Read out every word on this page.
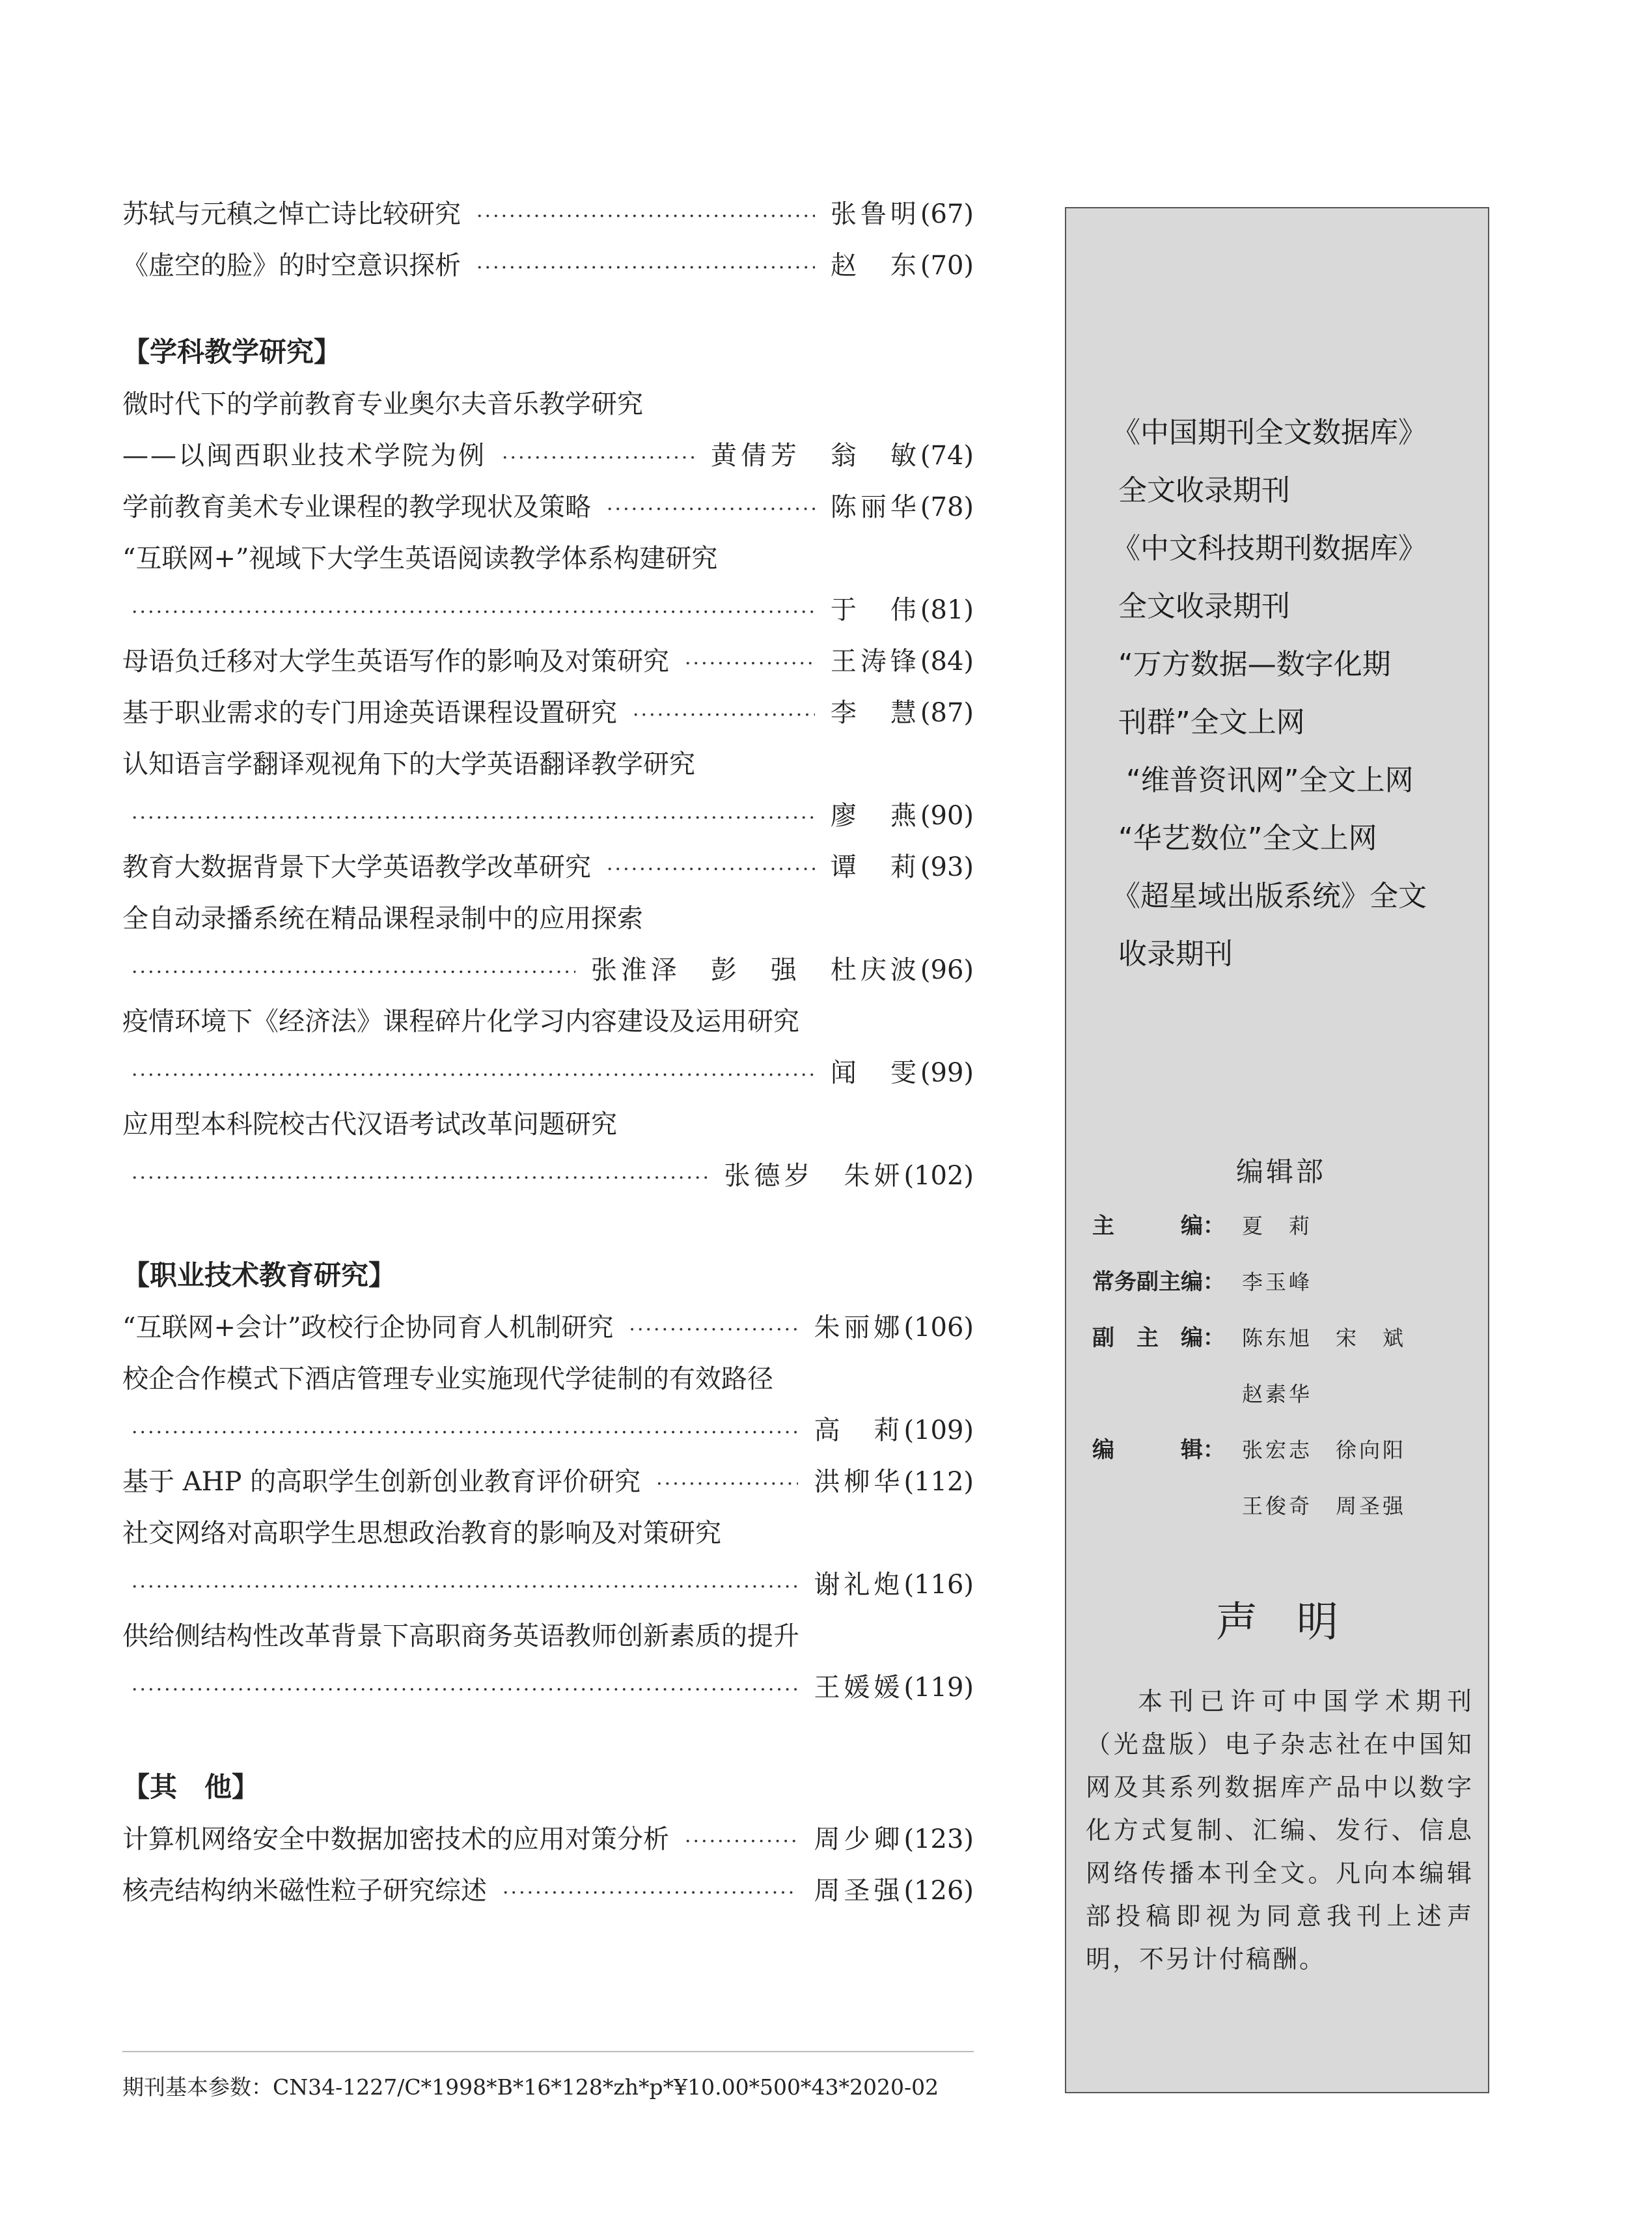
苏轼与元稹之悼亡诗比较研究 ·····	张鲁明 (67)
《虚空的脸》的时空意识探析 ·····	赵　东 (70)
【学科教学研究】
微时代下的学前教育专业奥尔夫音乐教学研究
——以闽西职业技术学院为例 ·····	黄倩芳　翁　敏 (74)
学前教育美术专业课程的教学现状及策略 ·····	陈丽华 (78)
“互联网+”视域下大学生英语阅读教学体系构建研究
·····
于　伟 (81)
母语负迁移对大学生英语写作的影响及对策研究 ·····	王涛锋 (84)
基于职业需求的专门用途英语课程设置研究 ·····	李　慧 (87)
认知语言学翻译观视角下的大学英语翻译教学研究
·····
廖　燕 (90)
教育大数据背景下大学英语教学改革研究 ·····	谭　莉 (93)
全自动录播系统在精品课程录制中的应用探索
·····
张淮泽　彭　强　杜庆波 (96)
疫情环境下《经济法》课程碎片化学习内容建设及运用研究
·····
闻　雯 (99)
应用型本科院校古代汉语考试改革问题研究
·····
张德岁　朱妍 (102)
【职业技术教育研究】
“互联网+会计”政校行企协同育人机制研究 ·····	朱丽娜 (106)
校企合作模式下酒店管理专业实施现代学徒制的有效路径
·····
高　莉 (109)
基于 AHP 的高职学生创新创业教育评价研究 ·····	洪柳华 (112)
社交网络对高职学生思想政治教育的影响及对策研究
·····
谢礼炮 (116)
供给侧结构性改革背景下高职商务英语教师创新素质的提升
·····
王媛媛 (119)
【其　他】
计算机网络安全中数据加密技术的应用对策分析 ·····	周少卿 (123)
核壳结构纳米磁性粒子研究综述 ·····	周圣强 (126)
《中国期刊全文数据库》
全文收录期刊
《中文科技期刊数据库》
全文收录期刊
“万方数据—数字化期
刊群”全文上网
“维普资讯网”全文上网
“华艺数位”全文上网
《超星域出版系统》全文
收录期刊
编辑部
主　　　编： 夏　莉
常务副主编： 李玉峰
副　主　编： 陈东旭　宋　斌
赵素华
编　　　辑： 张宏志　徐向阳
王俊奇　周圣强
声明
本刊已许可中国学术期刊（光盘版）电子杂志社在中国知网及其系列数据库产品中以数字化方式复制、汇编、发行、信息网络传播本刊全文。凡向本编辑部投稿即视为同意我刊上述声明，不另计付稿酬。
期刊基本参数：CN34-1227/C*1998*B*16*128*zh*p*¥10.00*500*43*2020-02
